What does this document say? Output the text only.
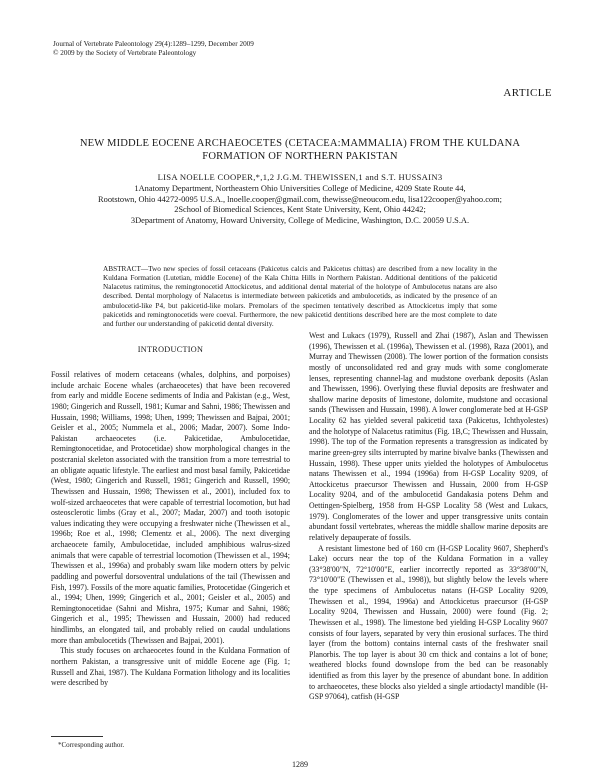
Journal of Vertebrate Paleontology 29(4):1289–1299, December 2009
© 2009 by the Society of Vertebrate Paleontology
ARTICLE
NEW MIDDLE EOCENE ARCHAEOCETES (CETACEA:MAMMALIA) FROM THE KULDANA FORMATION OF NORTHERN PAKISTAN
LISA NOELLE COOPER,*,1,2 J.G.M. THEWISSEN,1 and S.T. HUSSAIN3
1Anatomy Department, Northeastern Ohio Universities College of Medicine, 4209 State Route 44,
Rootstown, Ohio 44272-0095 U.S.A., lnoelle.cooper@gmail.com, thewisse@neoucom.edu, lisa122cooper@yahoo.com;
2School of Biomedical Sciences, Kent State University, Kent, Ohio 44242;
3Department of Anatomy, Howard University, College of Medicine, Washington, D.C. 20059 U.S.A.
ABSTRACT—Two new species of fossil cetaceans (Pakicetus calcis and Pakicetus chittas) are described from a new locality in the Kuldana Formation (Lutetian, middle Eocene) of the Kala Chitta Hills in Northern Pakistan. Additional dentitions of the pakicetid Nalacetus ratimitus, the remingtonocetid Attockicetus, and additional dental material of the holotype of Ambulocetus natans are also described. Dental morphology of Nalacetus is intermediate between pakicetids and ambulocetids, as indicated by the presence of an ambulocetid-like P4, but pakicetid-like molars. Premolars of the specimen tentatively described as Attockicetus imply that some pakicetids and remingtonocetids were coeval. Furthermore, the new pakicetid dentitions described here are the most complete to date and further our understanding of pakicetid dental diversity.
INTRODUCTION

Fossil relatives of modern cetaceans (whales, dolphins, and porpoises) include archaic Eocene whales (archaeocetes) that have been recovered from early and middle Eocene sediments of India and Pakistan (e.g., West, 1980; Gingerich and Russell, 1981; Kumar and Sahni, 1986; Thewissen and Hussain, 1998; Williams, 1998; Uhen, 1999; Thewissen and Bajpai, 2001; Geisler et al., 2005; Nummela et al., 2006; Madar, 2007). Some Indo-Pakistan archaeocetes (i.e. Pakicetidae, Ambulocetidae, Remingtonocetidae, and Protocetidae) show morphological changes in the postcranial skeleton associated with the transition from a more terrestrial to an obligate aquatic lifestyle. The earliest and most basal family, Pakicetidae (West, 1980; Gingerich and Russell, 1981; Gingerich and Russell, 1990; Thewissen and Hussain, 1998; Thewissen et al., 2001), included fox to wolf-sized archaeocetes that were capable of terrestrial locomotion, but had osteosclerotic limbs (Gray et al., 2007; Madar, 2007) and tooth isotopic values indicating they were occupying a freshwater niche (Thewissen et al., 1996b; Roe et al., 1998; Clementz et al., 2006). The next diverging archaeocete family, Ambulocetidae, included amphibious walrus-sized animals that were capable of terrestrial locomotion (Thewissen et al., 1994; Thewissen et al., 1996a) and probably swam like modern otters by pelvic paddling and powerful dorsoventral undulations of the tail (Thewissen and Fish, 1997). Fossils of the more aquatic families, Protocetidae (Gingerich et al., 1994; Uhen, 1999; Gingerich et al., 2001; Geisler et al., 2005) and Remingtonocetidae (Sahni and Mishra, 1975; Kumar and Sahni, 1986; Gingerich et al., 1995; Thewissen and Hussain, 2000) had reduced hindlimbs, an elongated tail, and probably relied on caudal undulations more than ambulocetids (Thewissen and Bajpai, 2001).

This study focuses on archaeocetes found in the Kuldana Formation of northern Pakistan, a transgressive unit of middle Eocene age (Fig. 1; Russell and Zhai, 1987). The Kuldana Formation lithology and its localities were described by

West and Lukacs (1979), Russell and Zhai (1987), Aslan and Thewissen (1996), Thewissen et al. (1996a), Thewissen et al. (1998), Raza (2001), and Murray and Thewissen (2008). The lower portion of the formation consists mostly of unconsolidated red and gray muds with some conglomerate lenses, representing channel-lag and mudstone overbank deposits (Aslan and Thewissen, 1996). Overlying these fluvial deposits are freshwater and shallow marine deposits of limestone, dolomite, mudstone and occasional sands (Thewissen and Hussain, 1998). A lower conglomerate bed at H-GSP Locality 62 has yielded several pakicetid taxa (Pakicetus, Ichthyolestes) and the holotype of Nalacetus ratimitus (Fig. 1B,C; Thewissen and Hussain, 1998). The top of the Formation represents a transgression as indicated by marine green-grey silts interrupted by marine bivalve banks (Thewissen and Hussain, 1998). These upper units yielded the holotypes of Ambulocetus natans Thewissen et al., 1994 (1996a) from H-GSP Locality 9209, of Attockicetus praecursor Thewissen and Hussain, 2000 from H-GSP Locality 9204, and of the ambulocetid Gandakasia potens Dehm and Oettingen-Spielberg, 1958 from H-GSP Locality 58 (West and Lukacs, 1979). Conglomerates of the lower and upper transgressive units contain abundant fossil vertebrates, whereas the middle shallow marine deposits are relatively depauperate of fossils.

A resistant limestone bed of 160 cm (H-GSP Locality 9607, Shepherd's Lake) occurs near the top of the Kuldana Formation in a valley (33°38'00"N, 72°10'00"E, earlier incorrectly reported as 33°38'00"N, 73°10'00"E (Thewissen et al., 1998)), but slightly below the levels where the type specimens of Ambulocetus natans (H-GSP Locality 9209, Thewissen et al., 1994, 1996a) and Attockicetus praecursor (H-GSP Locality 9204, Thewissen and Hussain, 2000) were found (Fig. 2; Thewissen et al., 1998). The limestone bed yielding H-GSP Locality 9607 consists of four layers, separated by very thin erosional surfaces. The third layer (from the bottom) contains internal casts of the freshwater snail Planorbis. The top layer is about 30 cm thick and contains a lot of bone; weathered blocks found downslope from the bed can be reasonably identified as from this layer by the presence of abundant bone. In addition to archaeocetes, these blocks also yielded a single artiodactyl mandible (H-GSP 97064), catfish (H-GSP

*Corresponding author.
1289
